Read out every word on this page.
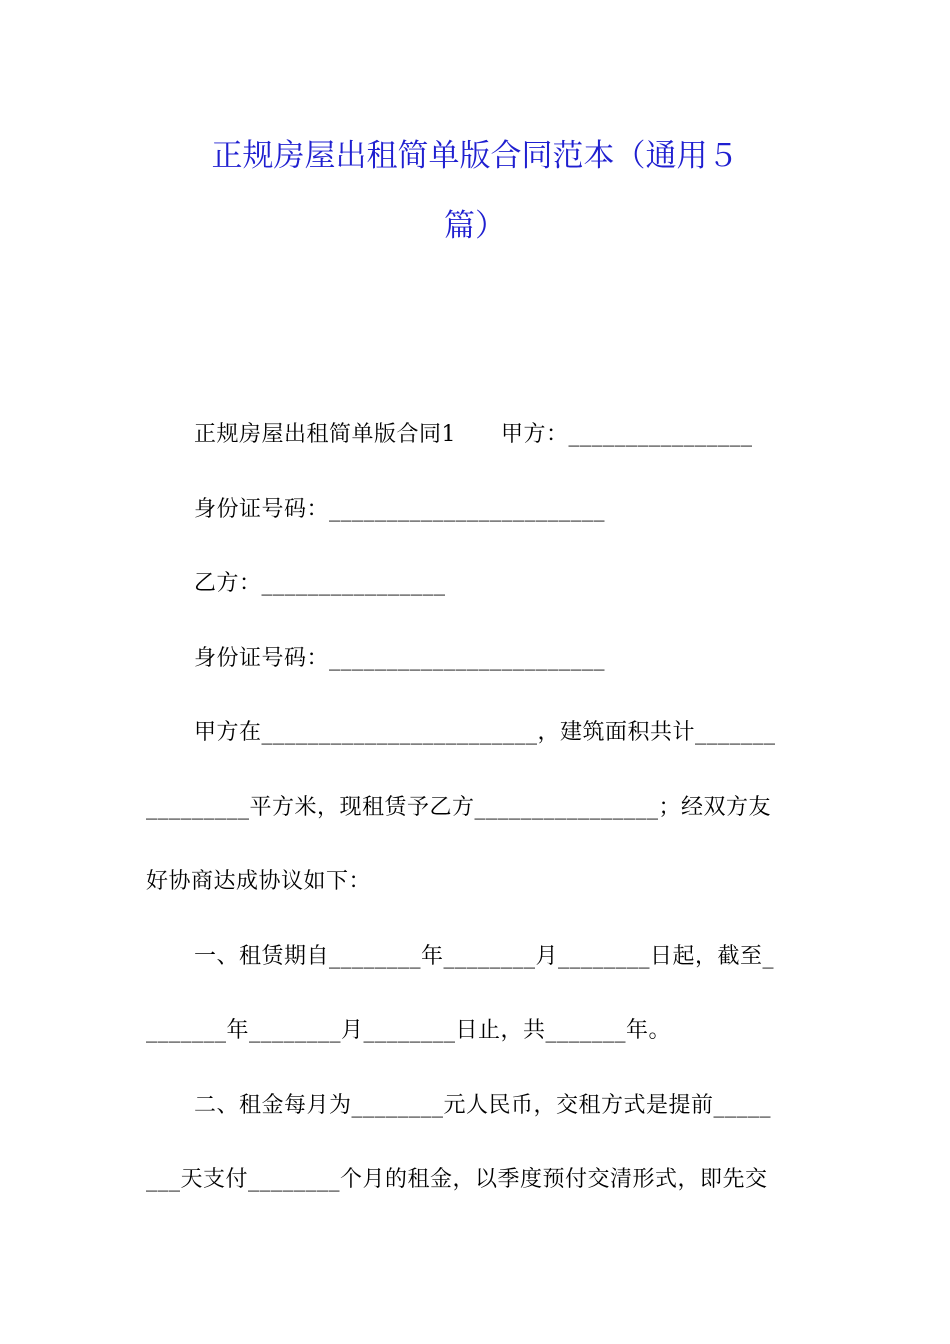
正规房屋出租简单版合同范本（通用５
篇）
正规房屋出租简单版合同1　　甲方：________________
身份证号码：________________________
乙方：________________
身份证号码：________________________
甲方在________________________，建筑面积共计_______
_________平方米，现租赁予乙方________________；经双方友
好协商达成协议如下：
一、租赁期自________年________月________日起，截至_
_______年________月________日止，共_______年。
二、租金每月为________元人民币，交租方式是提前_____
___天支付________个月的租金，以季度预付交清形式，即先交
